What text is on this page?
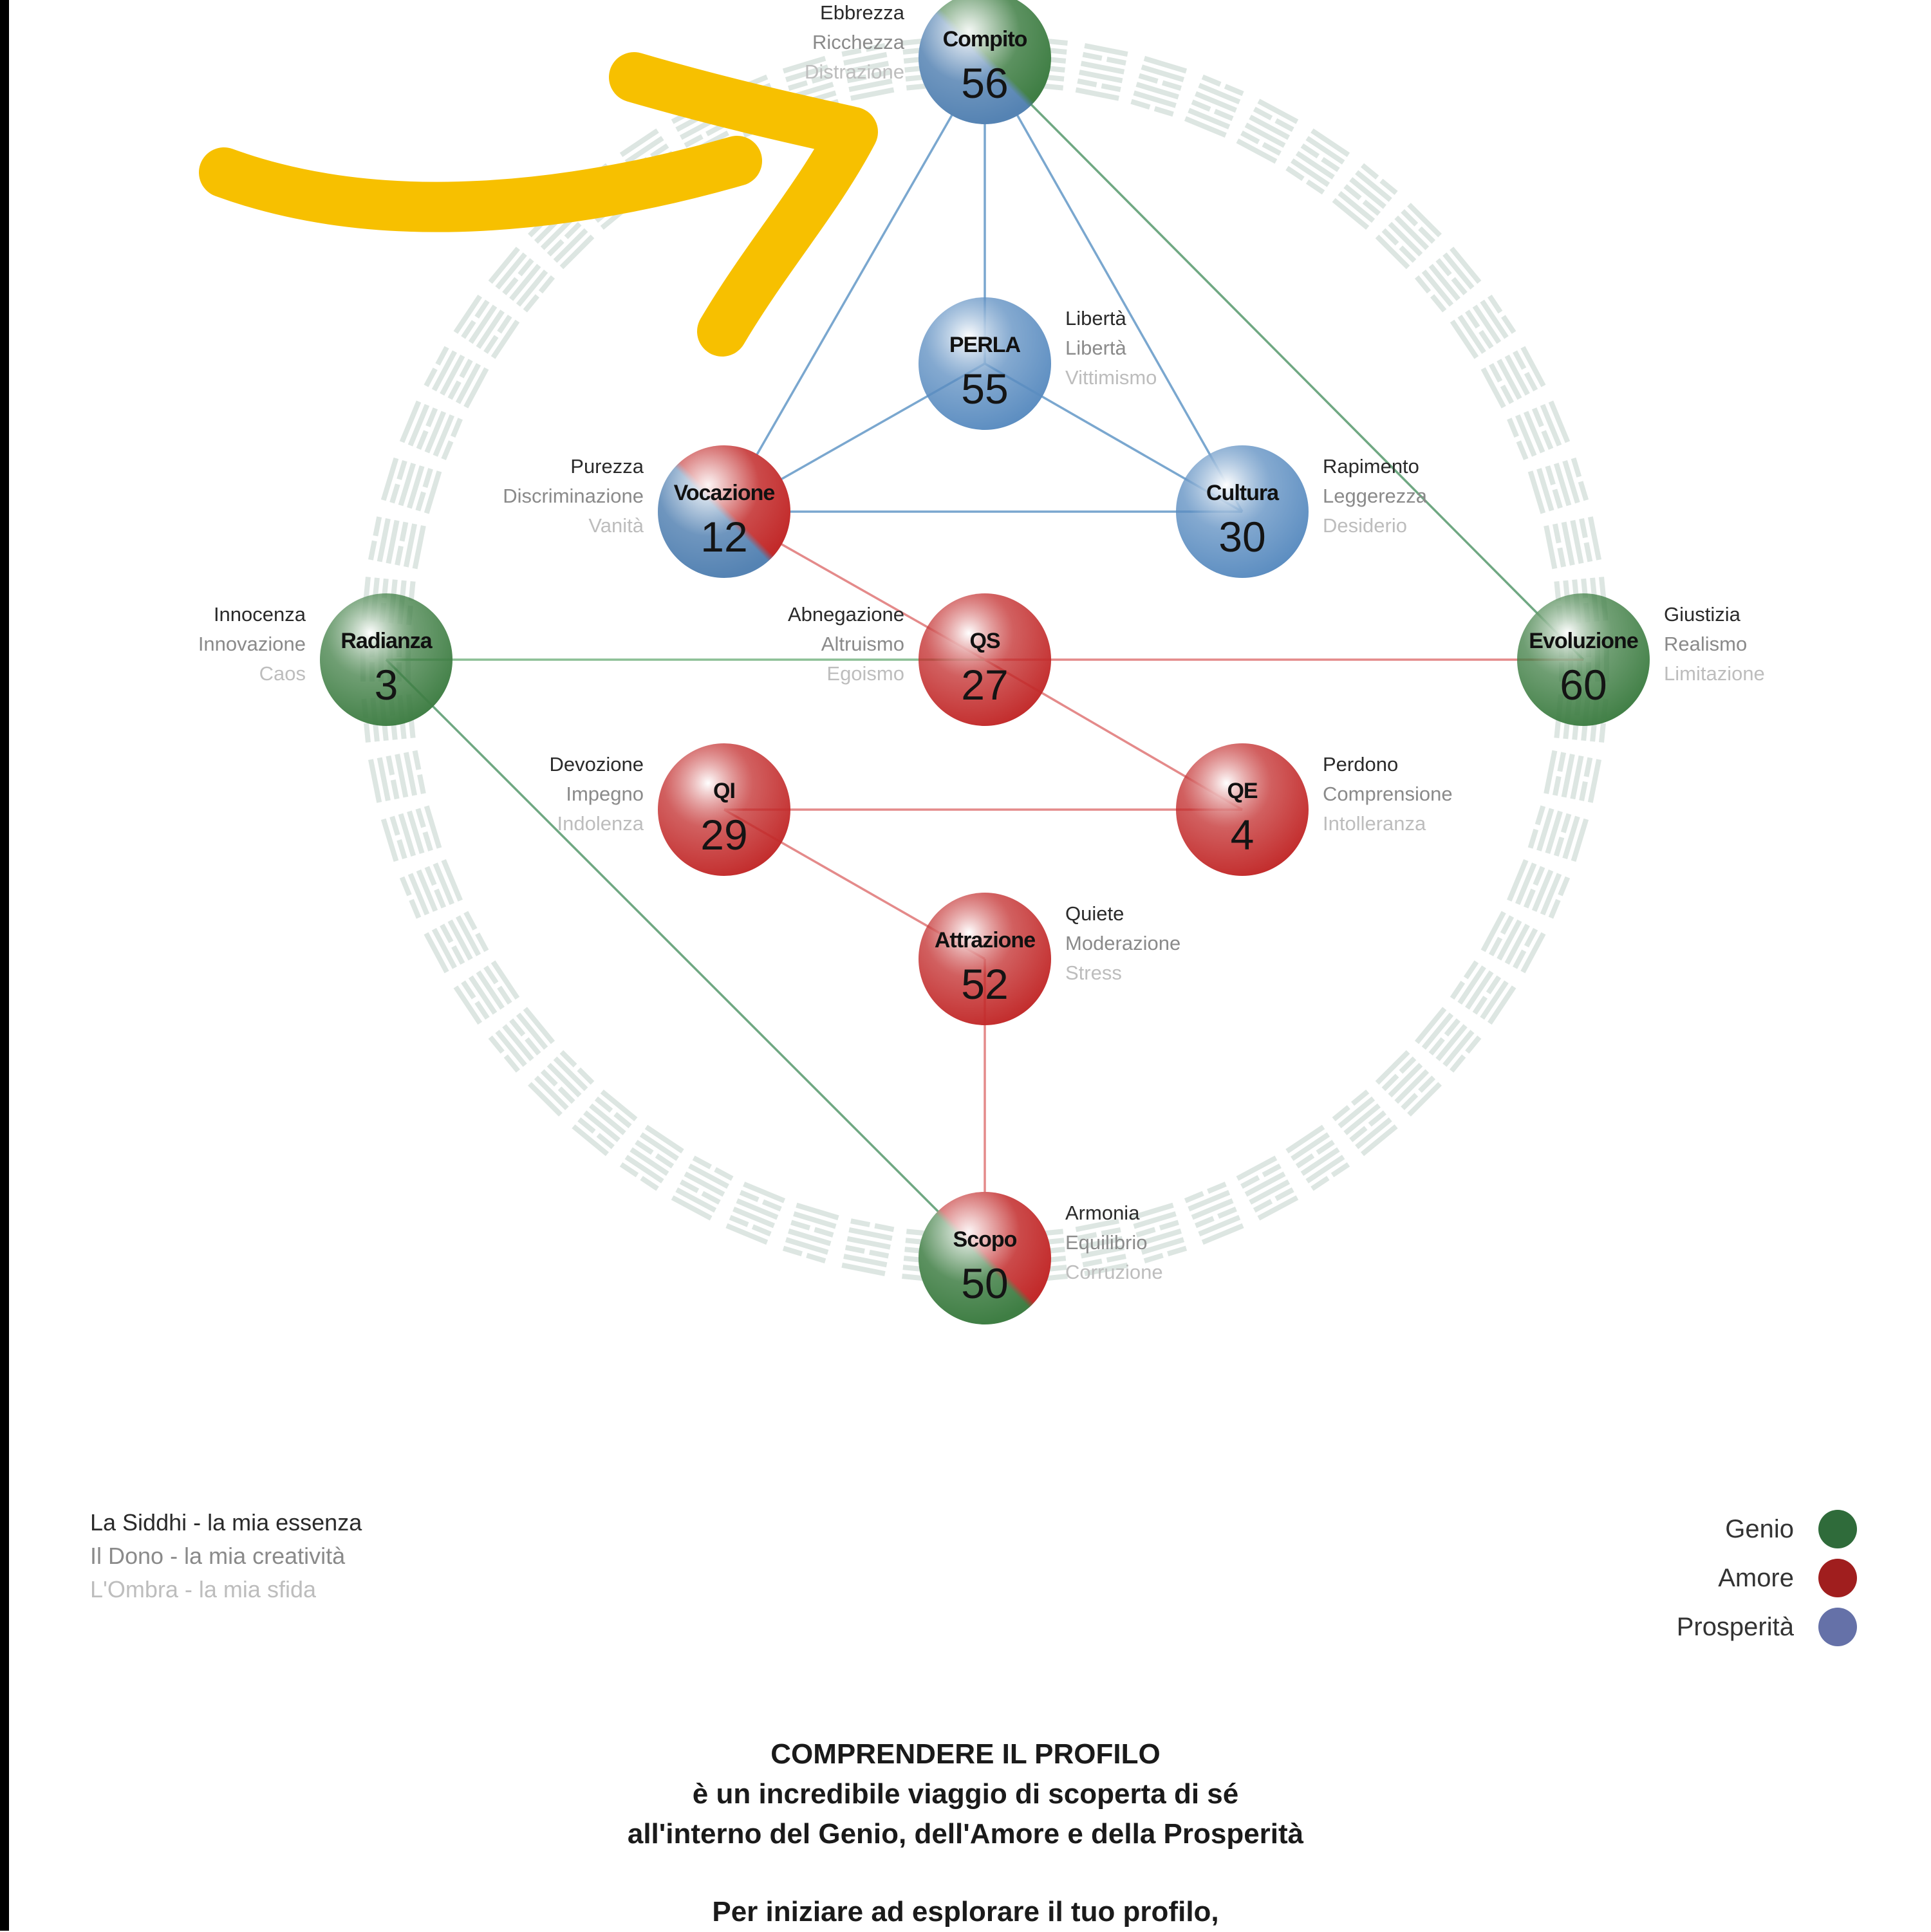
Compito
56
PERLA
55
Vocazione
12
Cultura
30
Radianza
3
QS
27
Evoluzione
60
QI
29
QE
4
Attrazione
52
Scopo
50
Ebbrezza
Ricchezza
Distrazione
Libertà
Libertà
Vittimismo
Purezza
Discriminazione
Vanità
Rapimento
Leggerezza
Desiderio
Innocenza
Innovazione
Caos
Abnegazione
Altruismo
Egoismo
Giustizia
Realismo
Limitazione
Devozione
Impegno
Indolenza
Perdono
Comprensione
Intolleranza
Quiete
Moderazione
Stress
Armonia
Equilibrio
Corruzione
La Siddhi - la mia essenza
Il Dono - la mia creatività
L'Ombra - la mia sfida
Genio
Amore
Prosperità
COMPRENDERE IL PROFILO
è un incredibile viaggio di scoperta di sé
all'interno del Genio, dell'Amore e della Prosperità
Per iniziare ad esplorare il tuo profilo,
